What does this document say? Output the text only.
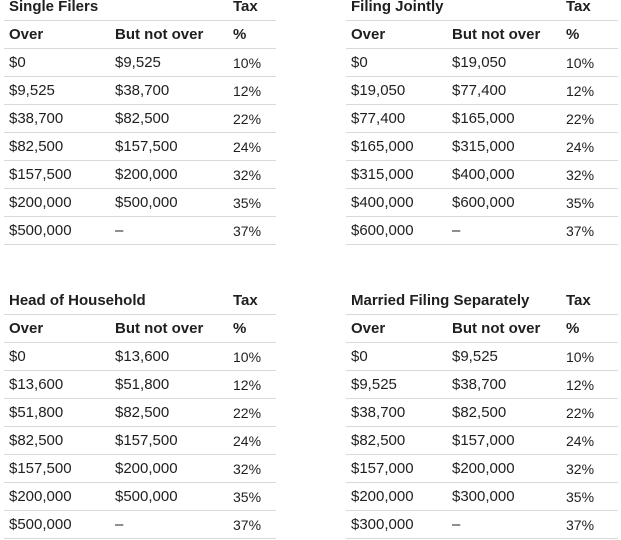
Single Filers	Tax
Over	But not over	%
$0	$9,525	10%
$9,525	$38,700	12%
$38,700	$82,500	22%
$82,500	$157,500	24%
$157,500	$200,000	32%
$200,000	$500,000	35%
$500,000	–	37%
Filing Jointly	Tax
Over	But not over	%
$0	$19,050	10%
$19,050	$77,400	12%
$77,400	$165,000	22%
$165,000	$315,000	24%
$315,000	$400,000	32%
$400,000	$600,000	35%
$600,000	–	37%
Head of Household	Tax
Over	But not over	%
$0	$13,600	10%
$13,600	$51,800	12%
$51,800	$82,500	22%
$82,500	$157,500	24%
$157,500	$200,000	32%
$200,000	$500,000	35%
$500,000	–	37%
Married Filing Separately	Tax
Over	But not over	%
$0	$9,525	10%
$9,525	$38,700	12%
$38,700	$82,500	22%
$82,500	$157,000	24%
$157,000	$200,000	32%
$200,000	$300,000	35%
$300,000	–	37%
